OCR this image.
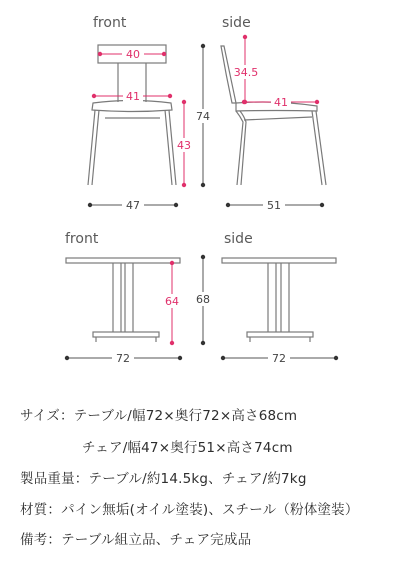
front
40
41
43
74
47
side
34.5
41
51
front
64 68
72
side
72
サイズ：テーブル/幅72×奥行72×高さ68cm
チェア/幅47×奥行51×高さ74cm
製品重量：テーブル/約14.5kg、チェア/約7kg
材質：パイン無垢(オイル塗装)、スチール（粉体塗装）
備考：テーブル組立品、チェア完成品
